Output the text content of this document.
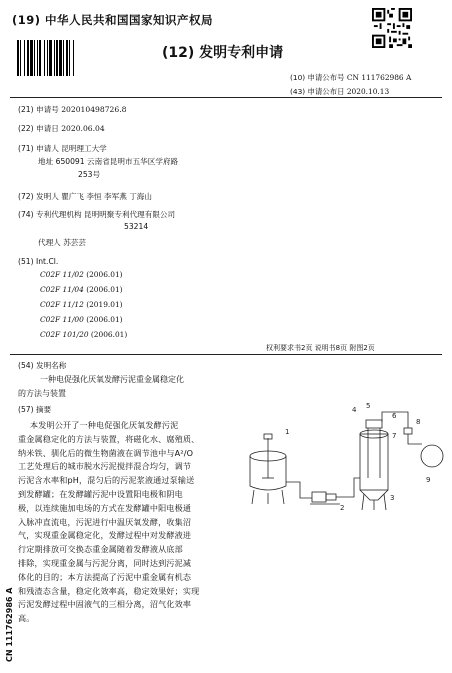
(19) 中华人民共和国国家知识产权局
(12) 发明专利申请
(10) 申请公布号 CN 111762986 A
(43) 申请公布日 2020.10.13
(21) 申请号 202010498726.8
(22) 申请日 2020.06.04
(71) 申请人 昆明理工大学
地址 650091 云南省昆明市五华区学府路
253号
(72) 发明人 瞿广飞 李恒 李军燕 丁海山
(74) 专利代理机构 昆明明聚专利代理有限公司
53214
代理人 苏芸芸
(51) Int.Cl.
C02F 11/02 (2006.01)
C02F 11/04 (2006.01)
C02F 11/12 (2019.01)
C02F 11/00 (2006.01)
C02F 101/20 (2006.01)
权利要求书2页 说明书8页 附图2页
(54) 发明名称
一种电促强化厌氧发酵污泥重金属稳定化
的方法与装置
(57) 摘要
本发明公开了一种电促强化厌氧发酵污泥
重金属稳定化的方法与装置，将磁化水、腐殖质、
纳米铁、驯化后的微生物菌液在调节池中与A²/O
工艺处理后的城市脱水污泥搅拌混合均匀，调节
污泥含水率和pH，混匀后的污泥浆液通过泵输送
到发酵罐；在发酵罐污泥中设置阳电极和阴电
极，以连续施加电场的方式在发酵罐中阳电极通
入脉冲直流电，污泥进行中温厌氧发酵，收集沼
气，实现重金属稳定化，发酵过程中对发酵液进
行定期排放可交换态重金属随着发酵液从底部
排除，实现重金属与污泥分离，同时达到污泥减
体化的目的；本方法提高了污泥中重金属有机态
和残渣态含量，稳定化效率高，稳定效果好；实现
污泥发酵过程中固液气的三相分离，沼气化效率
高。
1
2
3
4 5
6
7
8
9
CN 111762986 A
